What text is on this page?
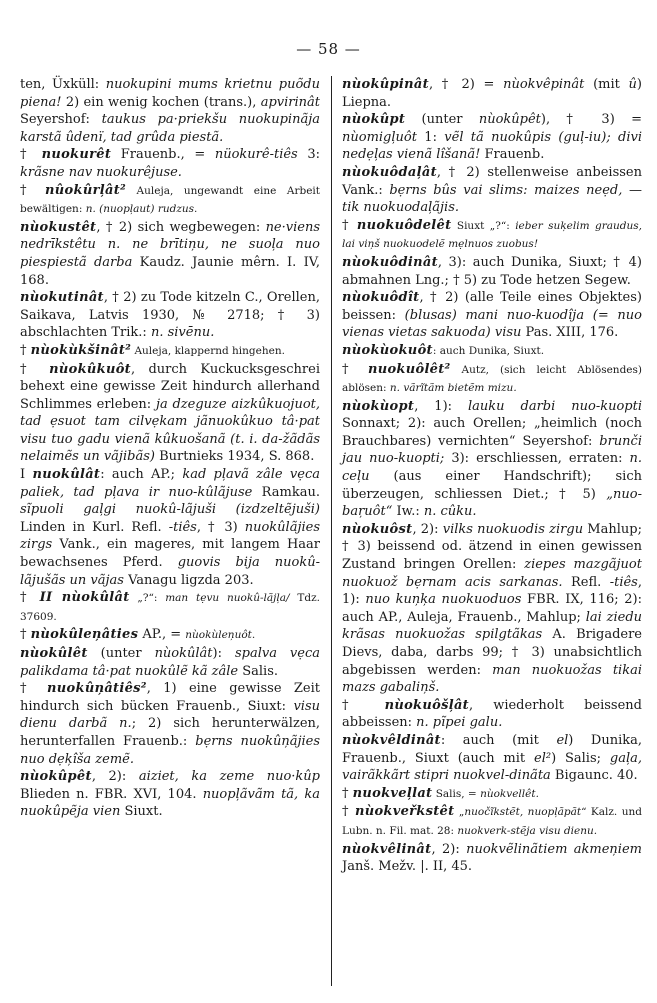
— 58 —

ten, Üxküll: nuokupini mums krietnu puõdu piena! 2) ein wenig kochen (trans.), apvirinât Seyershof: taukus pa·priekšu nuokupinãja karstã ûdenï, tad grûda piestã.

† nuokurêt Frauenb., = nüokurê-tiês 3: krãsne nav nuokurêjuse.

† nûokûrļât² Auleja, ungewandt eine Arbeit bewältigen: n. (nuopļaut) rudzus.

nùokustêt, † 2) sich wegbewegen: ne·viens nedrīkstêtu n. ne brītiņu, ne suoļa nuo piespiestã darba Kaudz. Jaunie mêrn. I. IV, 168.

nùokutinât, † 2) zu Tode kitzeln C., Orellen, Saikava, Latvis 1930, № 2718; † 3) abschlachten Trik.: n. sivēnu.

† nùokùkšinât² Auleja, klappernd hingehen.

† nùokûkuôt, durch Kuckucksgeschrei behext eine gewisse Zeit hindurch allerhand Schlimmes erleben: ja dzeguze aizkûkuojuot, tad ẹsuot tam cilvẹkam jãnuokûkuo tâ·pat visu tuo gadu vienã kûkuošanã (t. i. da-žãdãs nelaimẽs un vãjibãs) Burtnieks 1934, S. 868.

I nuokûlât: auch AP.; kad pļavã zâle vẹca paliek, tad pļava ir nuo-kûlãjuse Ramkau. sĩpuoli gaļgi nuokû-lãjuši (izdzeltẽjuši) Linden in Kurl. Refl. -tiês, † 3) nuokûlãjies zirgs Vank., ein mageres, mit langem Haar bewachsenes Pferd. guovis bija nuokû-lãjušãs un vãjas Vanagu ligzda 203.

† II nùokûlât „?“: man tẹvu nuokû-lãjļa/ Tdz. 37609.

† nùokûleņâties AP., = nùokùleņuôt.

nùokûlêt (unter nùokûlât): spalva vẹca palikdama tâ·pat nuokûlẽ kã zâle Salis.

† nuokûņâtiês², 1) eine gewisse Zeit hindurch sich bücken Frauenb., Siuxt: visu dienu darbã n.; 2) sich herunterwälzen, herunterfallen Frauenb.: bẹrns nuokûņãjies nuo dẹķîša zemẽ.

nùokûpêt, 2): aiziet, ka zeme nuo·kûp Blieden n. FBR. XVI, 104. nuopļãvãm tã, ka nuokûpẽja vien Siuxt.

nùokûpinât, † 2) = nùokvêpinât (mit û) Liepna.

nùokûpt (unter nùokûpêt), † 3) = nùomigļuôt 1: vẽl tã nuokûpis (guļ-iu); divi nedẹļas vienã lîšanã! Frauenb.

nùokuôdaļât, † 2) stellenweise anbeissen Vank.: bẹrns bûs vai slims: maizes neẹd, — tik nuokuodaļãjis.

† nuokuôdelêt Siuxt „?“: ieber suķelim graudus, lai viņš nuokuodelẽ mẹlnuos zuobus!

nùokuôdinât, 3): auch Dunika, Siuxt; † 4) abmahnen Lng.; † 5) zu Tode hetzen Segew.

nùokuôdît, † 2) (alle Teile eines Objektes) beissen: (blusas) mani nuo-kuodîja (= nuo vienas vietas sakuoda) visu Pas. XIII, 176.

nùokùokuôt: auch Dunika, Siuxt.

† nuokuôlêt² Autz, (sich leicht Ablösendes) ablösen: n. vãrĩtãm bietẽm mizu.

nùokùopt, 1): lauku darbi nuo-kuopti Sonnaxt; 2): auch Orellen; „heimlich (noch Brauchbares) vernichten“ Seyershof: brunči jau nuo-kuopti; 3): erschliessen, erraten: n. ceļu (aus einer Handschrift); sich überzeugen, schliessen Diet.; † 5) „nuo-baŗuôt“ Iw.: n. cûku.

nùokuôst, 2): vilks nuokuodis zirgu Mahlup; † 3) beissend od. ätzend in einen gewissen Zustand bringen Orellen: ziepes mazgãjuot nuokuož bẹrnam acis sarkanas. Refl. -tiês, 1): nuo kuņķa nuokuoduos FBR. IX, 116; 2): auch AP., Auleja, Frauenb., Mahlup; lai ziedu krãsas nuokuožas spilgtãkas A. Brigadere Dievs, daba, darbs 99; † 3) unabsichtlich abgebissen werden: man nuokuožas tikai mazs gabaliņš.

† nùokuôšļât, wiederholt beissend abbeissen: n. pĩpei galu.

nùokvêldinât: auch (mit el) Dunika, Frauenb., Siuxt (auch mit el²) Salis; gaļa, vairãkkãrt stipri nuokvel-dinãta Bigaunc. 40.

† nuokveļlat Salis, = nùokvellêt.

† nùokveřkstêt „nuočĩkstẽt, nuopļãpãt“ Kalz. und Lubn. n. Fil. mat. 28: nuokverk-stẽja visu dienu.

nùokvêlinât, 2): nuokvẽlinãtiem akmeņiem Janš. Mežv. |. II, 45.
